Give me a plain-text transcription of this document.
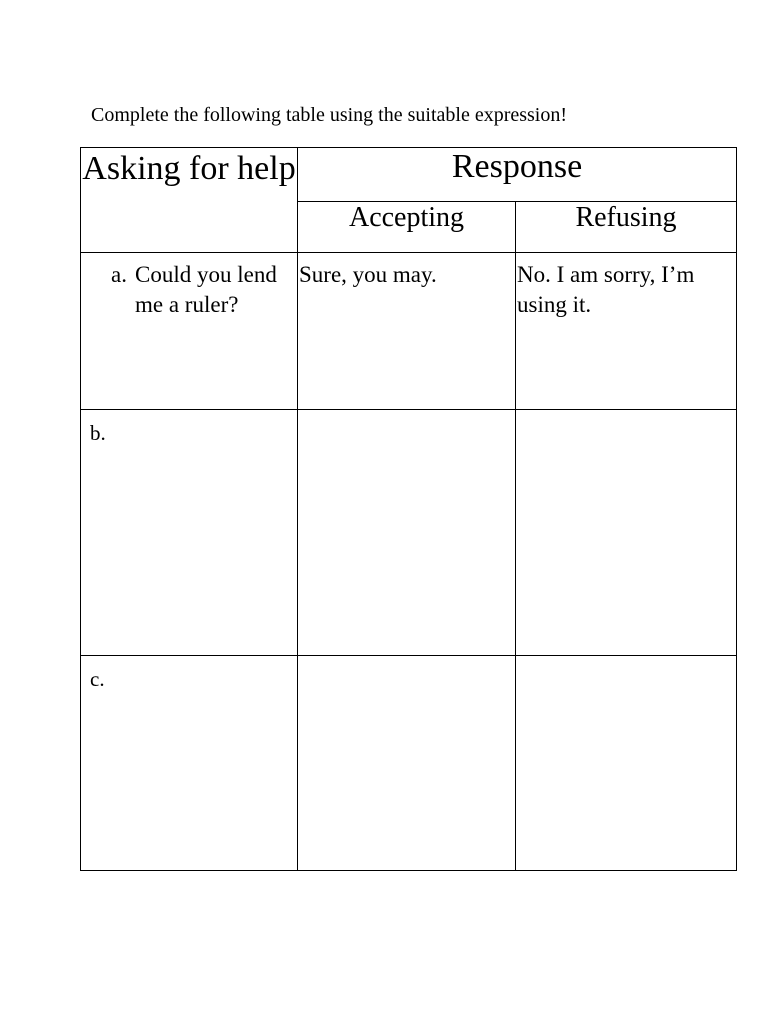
Complete the following table using the suitable expression!
Asking for help	Response	
	Accepting	Refusing

a. Could you lend me a ruler?	Sure, you may.	No. I am sorry, I’m using it.

b.		

c.		
